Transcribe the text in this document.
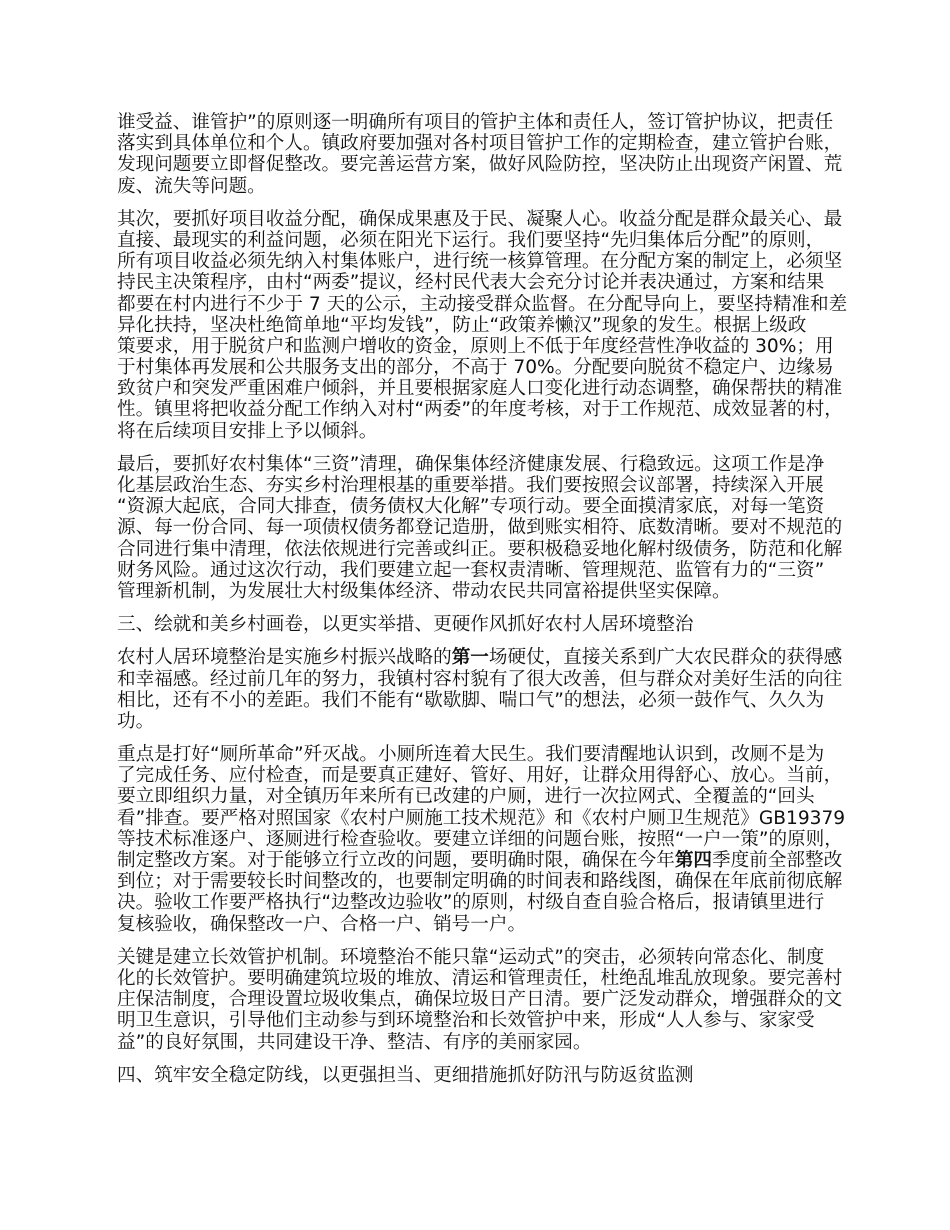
谁受益、谁管护”的原则逐一明确所有项目的管护主体和责任人，签订管护协议，把责任
落实到具体单位和个人。镇政府要加强对各村项目管护工作的定期检查，建立管护台账，
发现问题要立即督促整改。要完善运营方案，做好风险防控，坚决防止出现资产闲置、荒
废、流失等问题。
其次，要抓好项目收益分配，确保成果惠及于民、凝聚人心。收益分配是群众最关心、最
直接、最现实的利益问题，必须在阳光下运行。我们要坚持“先归集体后分配”的原则，
所有项目收益必须先纳入村集体账户，进行统一核算管理。在分配方案的制定上，必须坚
持民主决策程序，由村“两委”提议，经村民代表大会充分讨论并表决通过，方案和结果
都要在村内进行不少于 7 天的公示，主动接受群众监督。在分配导向上，要坚持精准和差
异化扶持，坚决杜绝简单地“平均发钱”，防止“政策养懒汉”现象的发生。根据上级政
策要求，用于脱贫户和监测户增收的资金，原则上不低于年度经营性净收益的 30%；用
于村集体再发展和公共服务支出的部分，不高于 70%。分配要向脱贫不稳定户、边缘易
致贫户和突发严重困难户倾斜，并且要根据家庭人口变化进行动态调整，确保帮扶的精准
性。镇里将把收益分配工作纳入对村“两委”的年度考核，对于工作规范、成效显著的村，
将在后续项目安排上予以倾斜。
最后，要抓好农村集体“三资”清理，确保集体经济健康发展、行稳致远。这项工作是净
化基层政治生态、夯实乡村治理根基的重要举措。我们要按照会议部署，持续深入开展
“资源大起底，合同大排查，债务债权大化解”专项行动。要全面摸清家底，对每一笔资
源、每一份合同、每一项债权债务都登记造册，做到账实相符、底数清晰。要对不规范的
合同进行集中清理，依法依规进行完善或纠正。要积极稳妥地化解村级债务，防范和化解
财务风险。通过这次行动，我们要建立起一套权责清晰、管理规范、监管有力的“三资”
管理新机制，为发展壮大村级集体经济、带动农民共同富裕提供坚实保障。
三、绘就和美乡村画卷，以更实举措、更硬作风抓好农村人居环境整治
农村人居环境整治是实施乡村振兴战略的第一场硬仗，直接关系到广大农民群众的获得感
和幸福感。经过前几年的努力，我镇村容村貌有了很大改善，但与群众对美好生活的向往
相比，还有不小的差距。我们不能有“歇歇脚、喘口气”的想法，必须一鼓作气、久久为
功。
重点是打好“厕所革命”歼灭战。小厕所连着大民生。我们要清醒地认识到，改厕不是为
了完成任务、应付检查，而是要真正建好、管好、用好，让群众用得舒心、放心。当前，
要立即组织力量，对全镇历年来所有已改建的户厕，进行一次拉网式、全覆盖的“回头
看”排查。要严格对照国家《农村户厕施工技术规范》和《农村户厕卫生规范》GB19379
等技术标准逐户、逐厕进行检查验收。要建立详细的问题台账，按照“一户一策”的原则，
制定整改方案。对于能够立行立改的问题，要明确时限，确保在今年第四季度前全部整改
到位；对于需要较长时间整改的，也要制定明确的时间表和路线图，确保在年底前彻底解
决。验收工作要严格执行“边整改边验收”的原则，村级自查自验合格后，报请镇里进行
复核验收，确保整改一户、合格一户、销号一户。
关键是建立长效管护机制。环境整治不能只靠“运动式”的突击，必须转向常态化、制度
化的长效管护。要明确建筑垃圾的堆放、清运和管理责任，杜绝乱堆乱放现象。要完善村
庄保洁制度，合理设置垃圾收集点，确保垃圾日产日清。要广泛发动群众，增强群众的文
明卫生意识，引导他们主动参与到环境整治和长效管护中来，形成“人人参与、家家受
益”的良好氛围，共同建设干净、整洁、有序的美丽家园。
四、筑牢安全稳定防线，以更强担当、更细措施抓好防汛与防返贫监测
